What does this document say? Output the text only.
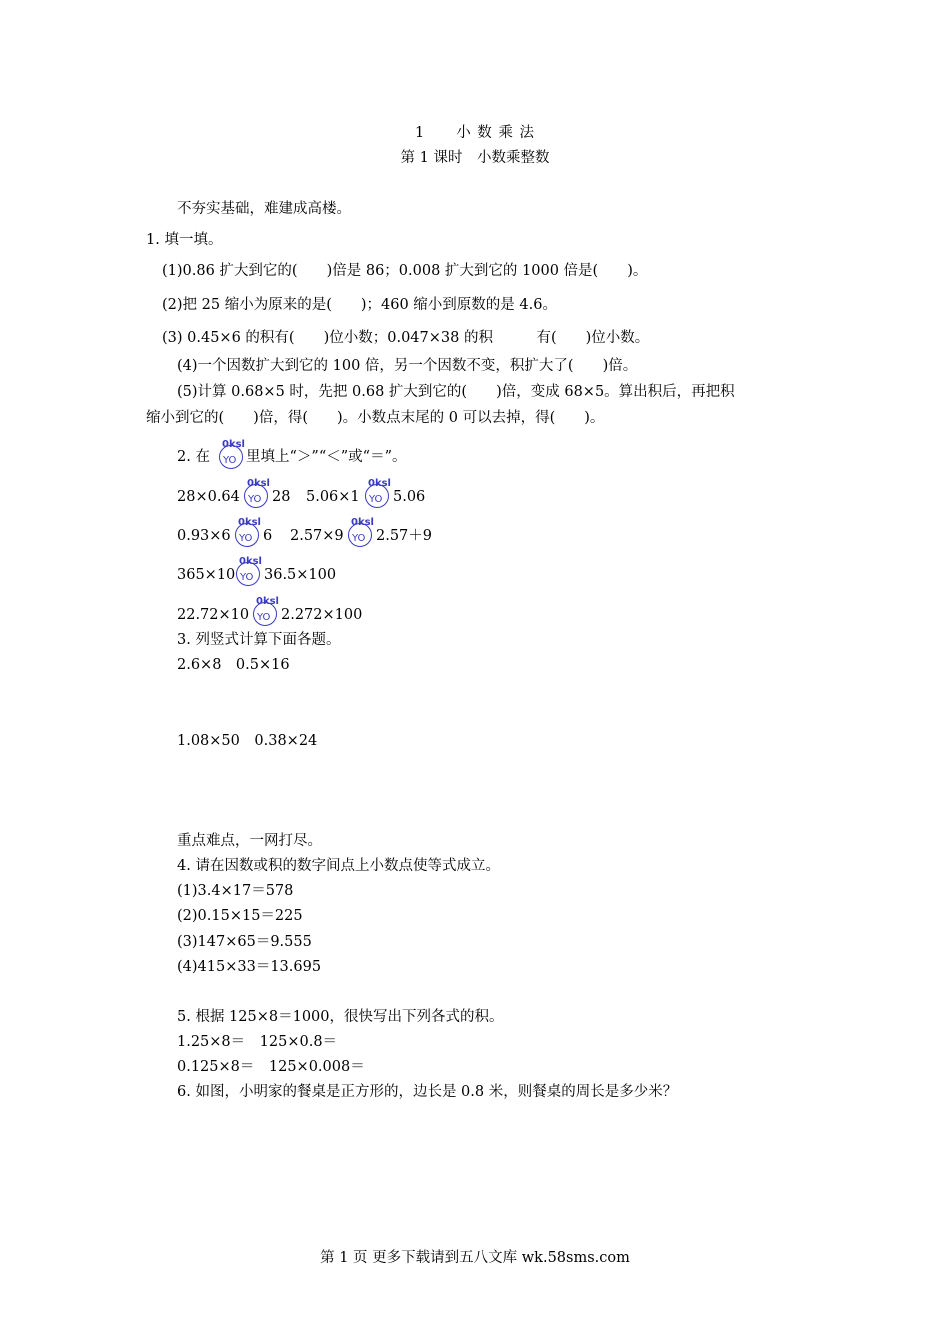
1　　小 数 乘 法
第 1 课时　小数乘整数
不夯实基础，难建成高楼。
1. 填一填。
(1)0.86 扩大到它的(　　)倍是 86；0.008 扩大到它的 1000 倍是(　　)。
(2)把 25 缩小为原来的是(　　)；460 缩小到原数的是 4.6。
(3) 0.45×6 的积有(　　)位小数；0.047×38 的积　　　有(　　)位小数。
(4)一个因数扩大到它的 100 倍，另一个因数不变，积扩大了(　　)倍。
(5)计算 0.68×5 时，先把 0.68 扩大到它的(　　)倍，变成 68×5。算出积后，再把积
缩小到它的(　　)倍，得(　　)。小数点末尾的 0 可以去掉，得(　　)。
2. 在
0ksl
YO 里填上“＞”“＜”或“＝”。
28×0.64
0ksl
YO 28 5.06×1
0ksl
YO 5.06
0.93×6
0ksl
YO 6 2.57×9
0ksl
YO 2.57＋9
365×10
0ksl
YO 36.5×100
22.72×10
0ksl
YO 2.272×100
3. 列竖式计算下面各题。
2.6×8　0.5×16
1.08×50　0.38×24
重点难点，一网打尽。
4. 请在因数或积的数字间点上小数点使等式成立。
(1)3.4×17＝578
(2)0.15×15＝225
(3)147×65＝9.555
(4)415×33＝13.695
5. 根据 125×8＝1000，很快写出下列各式的积。
1.25×8＝　125×0.8＝
0.125×8＝　125×0.008＝
6. 如图，小明家的餐桌是正方形的，边长是 0.8 米，则餐桌的周长是多少米？
第 1 页 更多下载请到五八文库 wk.58sms.com
